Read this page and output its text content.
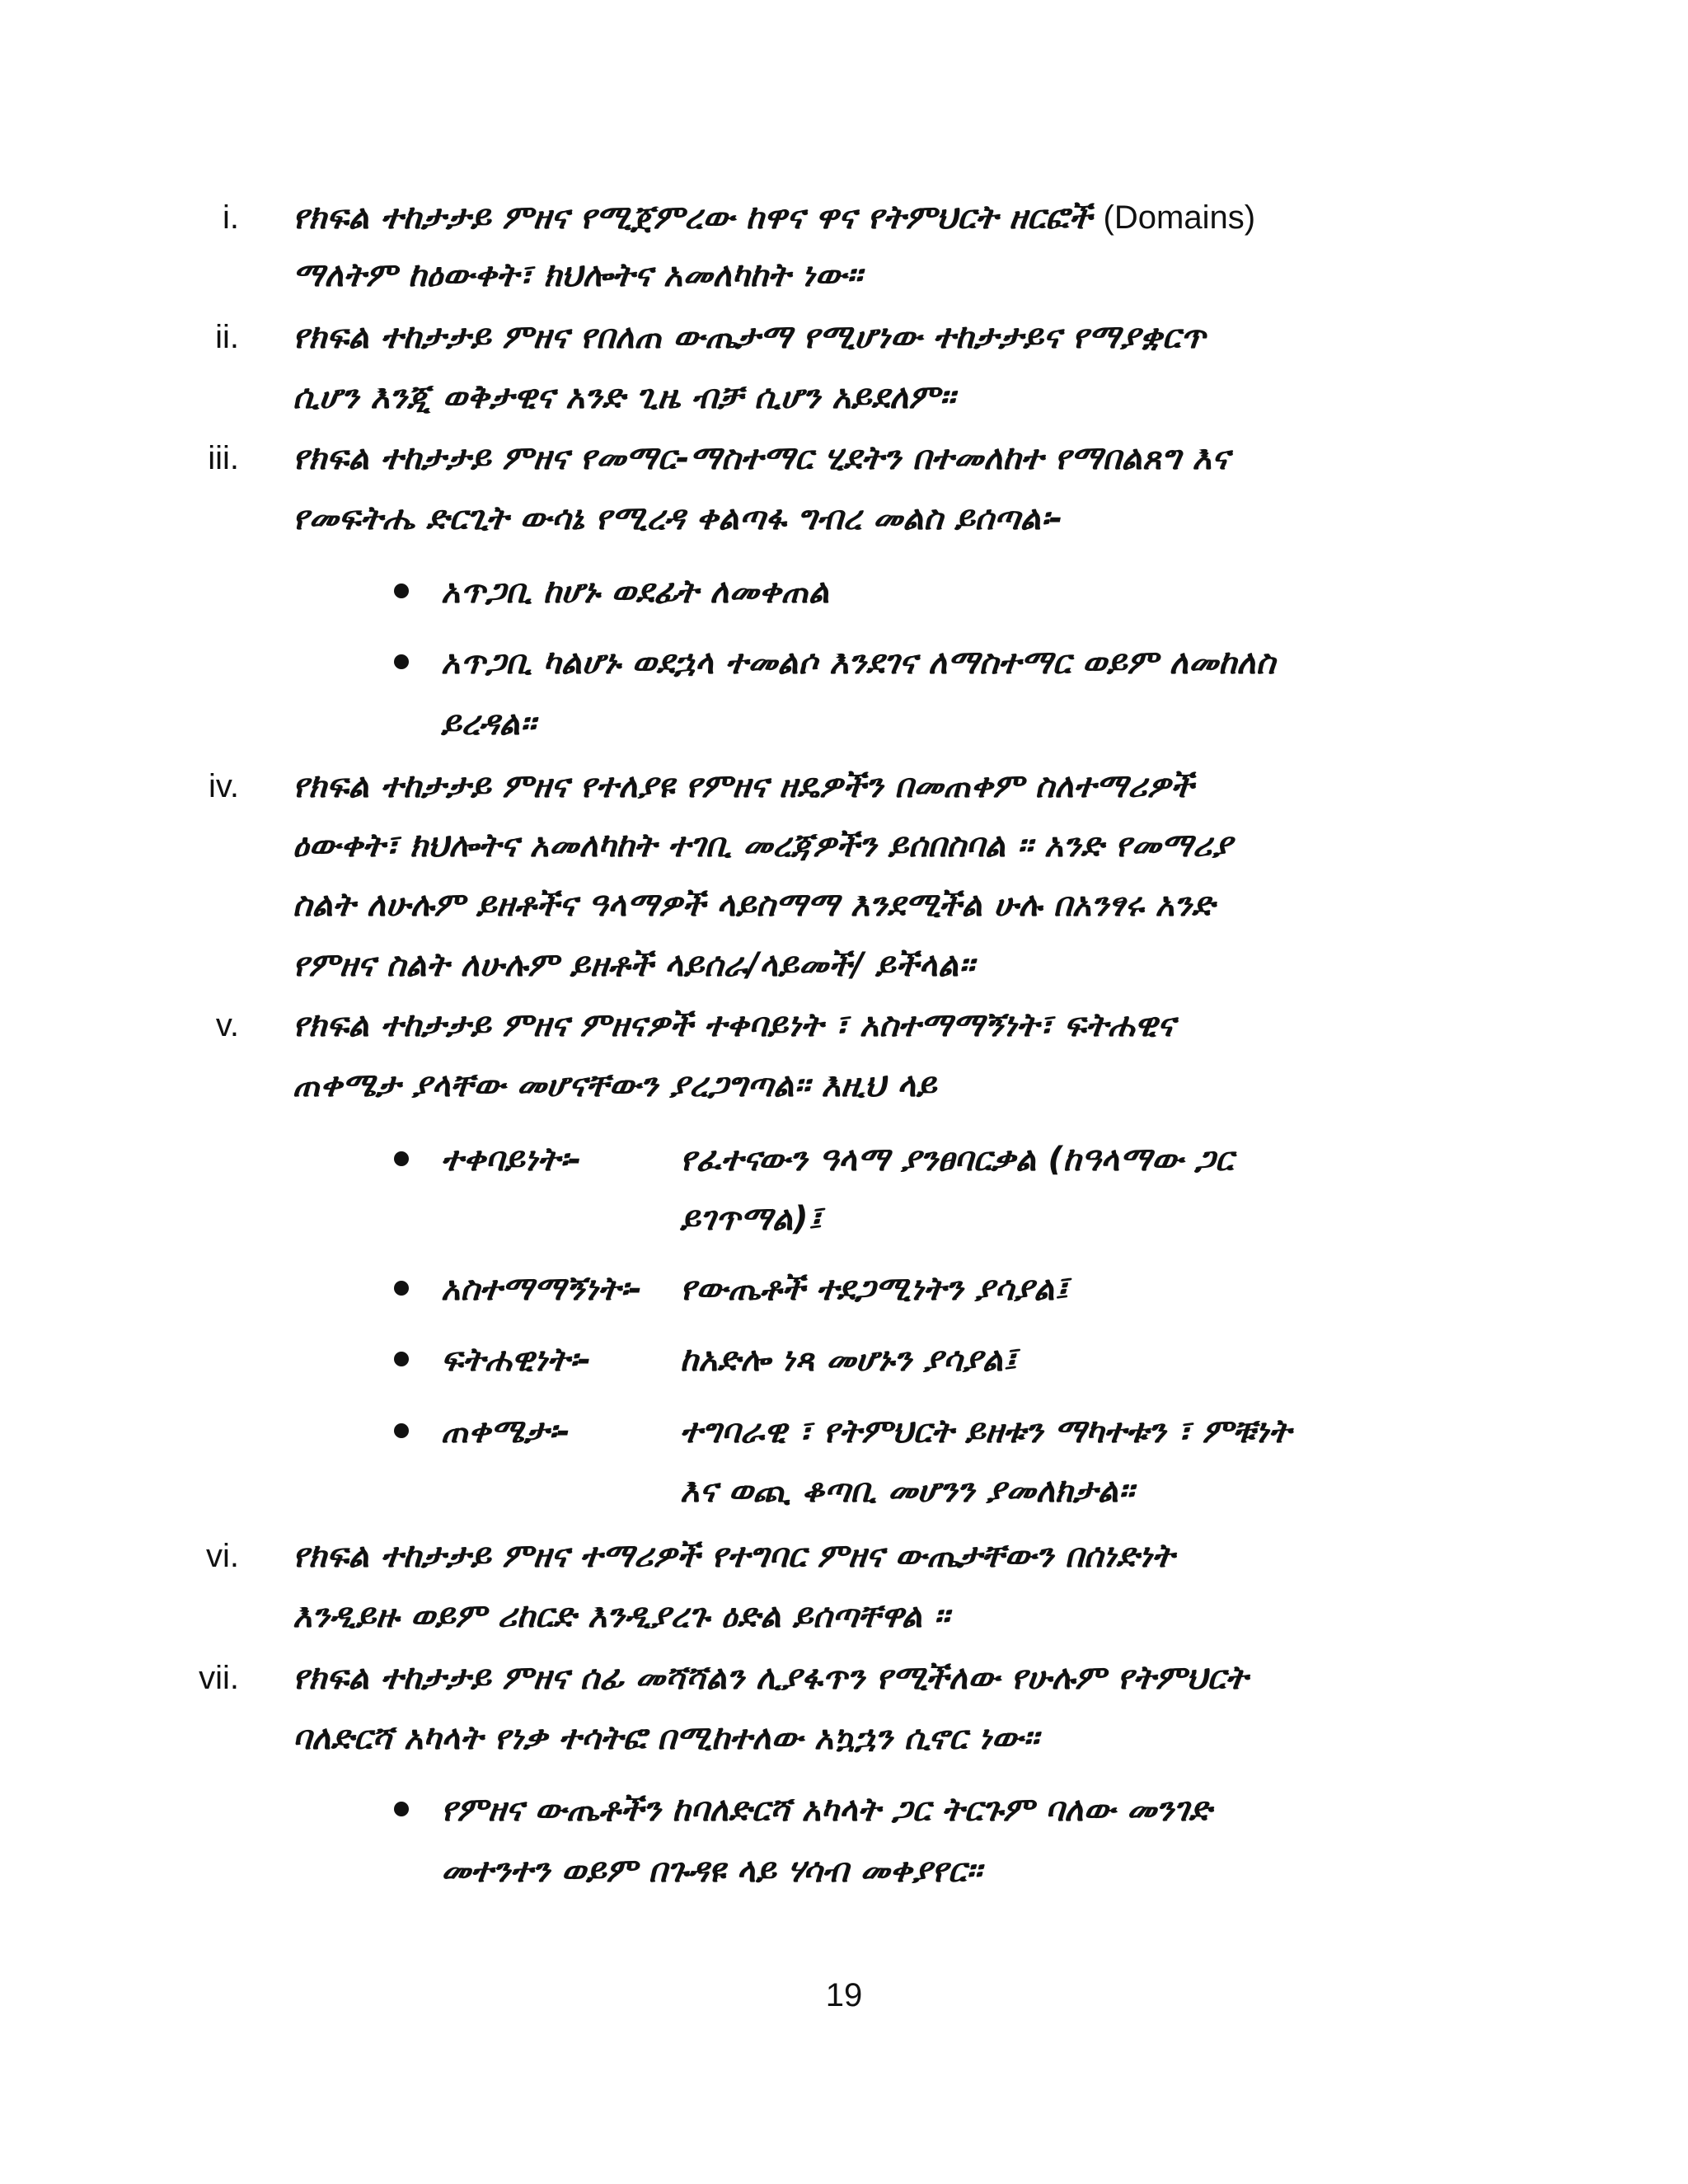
i. የክፍል ተከታታይ ምዘና የሚጀምረው ከዋና ዋና የትምህርት ዘርፎች (Domains)
ማለትም ከዕውቀት፣ ክህሎትና አመለካከት ነው፡፡
ii. የክፍል ተከታታይ ምዘና የበለጠ ውጤታማ የሚሆነው ተከታታይና የማያቋርጥ
ሲሆን እንጂ ወቅታዊና አንድ ጊዜ ብቻ ሲሆን አይደለም፡፡
iii. የክፍል ተከታታይ ምዘና የመማር-ማስተማር ሂደትን በተመለከተ የማበልጸግ እና
የመፍትሔ ድርጊት ውሳኔ የሚረዳ ቀልጣፋ ግብረ መልስ ይሰጣል፡-
አጥጋቢ ከሆኑ ወደፊት ለመቀጠል
አጥጋቢ ካልሆኑ ወደኋላ ተመልሶ እንደገና ለማስተማር ወይም ለመከለስ
ይረዳል፡፡
iv. የክፍል ተከታታይ ምዘና የተለያዩ የምዘና ዘዴዎችን በመጠቀም ስለተማሪዎች
ዕውቀት፣ ክህሎትና አመለካከት ተገቢ መረጃዎችን ይሰበስባል ፡፡ አንድ የመማሪያ
ስልት ለሁሉም ይዘቶችና ዓላማዎች ላይስማማ እንደሚችል ሁሉ በአንፃሩ አንድ
የምዘና ስልት ለሁሉም ይዘቶች ላይሰራ/ላይመች/ ይችላል፡፡
v. የክፍል ተከታታይ ምዘና ምዘናዎች ተቀባይነት ፣ አስተማማኝነት፣ ፍትሐዊና
ጠቀሜታ ያላቸው መሆናቸውን ያረጋግጣል፡፡ እዚህ ላይ
ተቀባይነት፡-	የፈተናውን ዓላማ ያንፀባርቃል (ከዓላማው ጋር
ይገጥማል)፤
አስተማማኝነት፡- የውጤቶች ተደጋሚነትን ያሳያል፤
ፍትሐዊነት፡-	ከአድሎ ነጻ መሆኑን ያሳያል፤
ጠቀሜታ፡-	ተግባራዊ ፣ የትምህርት ይዘቱን ማካተቱን ፣ ምቹነት
እና ወጪ ቆጣቢ መሆንን ያመለክታል፡፡
vi. የክፍል ተከታታይ ምዘና ተማሪዎች የተግባር ምዘና ውጤታቸውን በሰነድነት
እንዲይዙ ወይም ሪከርድ እንዲያረጉ ዕድል ይሰጣቸዋል ፡፡
vii. የክፍል ተከታታይ ምዘና ሰፊ መሻሻልን ሊያፋጥን የሚችለው የሁሉም የትምህርት
ባለድርሻ አካላት የነቃ ተሳትፎ በሚከተለው አኳኋን ሲኖር ነው፡፡
የምዘና ውጤቶችን ከባለድርሻ አካላት ጋር ትርጉም ባለው መንገድ
መተንተን ወይም በጉዳዩ ላይ ሃሳብ መቀያየር፡፡
19
